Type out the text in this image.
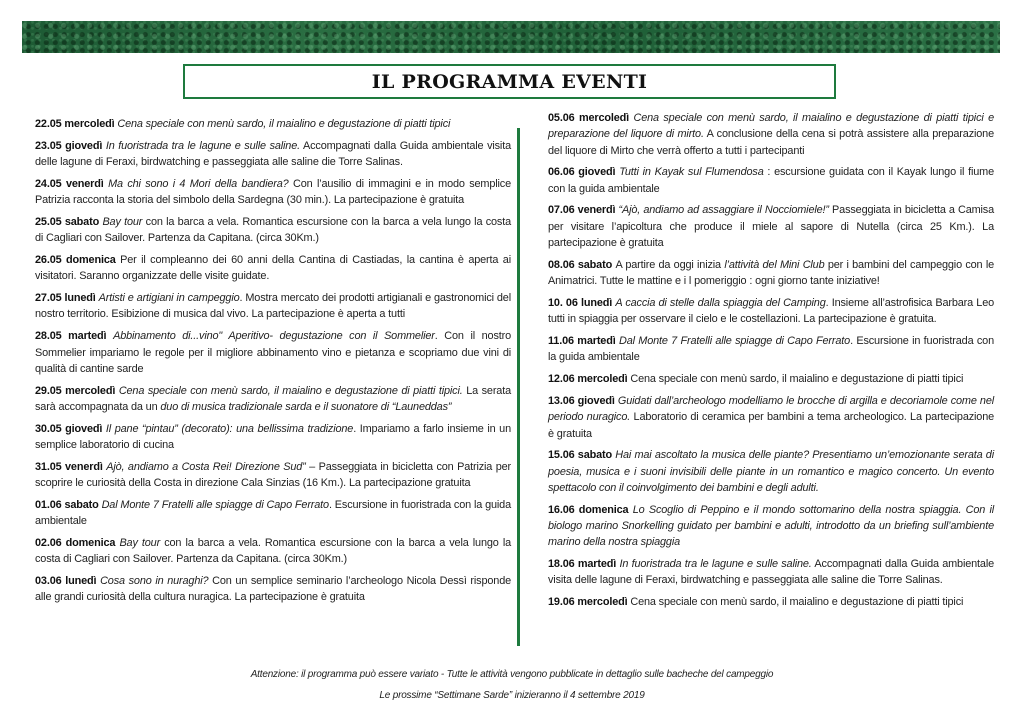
IL PROGRAMMA EVENTI

22.05 mercoledì Cena speciale con menù sardo, il maialino e degustazione di piatti tipici

23.05 giovedì In fuoristrada tra le lagune e sulle saline. Accompagnati dalla Guida ambientale visita delle lagune di Feraxi, birdwatching e passeggiata alle saline die Torre Salinas.

24.05 venerdì Ma chi sono i 4 Mori della bandiera? Con l’ausilio di immagini e in modo semplice Patrizia racconta la storia del simbolo della Sardegna (30 min.). La partecipazione è gratuita

25.05 sabato Bay tour con la barca a vela. Romantica escursione con la barca a vela lungo la costa di Cagliari con Sailover. Partenza da Capitana. (circa 30Km.)

26.05 domenica Per il compleanno dei 60 anni della Cantina di Castiadas, la cantina è aperta ai visitatori. Saranno organizzate delle visite guidate.

27.05 lunedì Artisti e artigiani in campeggio. Mostra mercato dei prodotti artigianali e gastronomici del nostro territorio. Esibizione di musica dal vivo. La partecipazione è aperta a tutti

28.05 martedì Abbinamento di...vino" Aperitivo- degustazione con il Sommelier. Con il nostro Sommelier impariamo le regole per il migliore abbinamento vino e pietanza e scopriamo due vini di qualità di cantine sarde

29.05 mercoledì Cena speciale con menù sardo, il maialino e degustazione di piatti tipici. La serata sarà accompagnata da un duo di musica tradizionale sarda e il suonatore di “Launeddas”

30.05 giovedì Il pane “pintau” (decorato): una bellissima tradizione. Impariamo a farlo insieme in un semplice laboratorio di cucina

31.05 venerdì Ajò, andiamo a Costa Rei! Direzione Sud” – Passeggiata in bicicletta con Patrizia per scoprire le curiosità della Costa in direzione Cala Sinzias (16 Km.). La partecipazione gratuita

01.06 sabato Dal Monte 7 Fratelli alle spiagge di Capo Ferrato. Escursione in fuoristrada con la guida ambientale

02.06 domenica Bay tour con la barca a vela. Romantica escursione con la barca a vela lungo la costa di Cagliari con Sailover. Partenza da Capitana. (circa 30Km.)

03.06 lunedì Cosa sono in nuraghi? Con un semplice seminario l’archeologo Nicola Dessì risponde alle grandi curiosità della cultura nuragica. La partecipazione è gratuita

05.06 mercoledì Cena speciale con menù sardo, il maialino e degustazione di piatti tipici e preparazione del liquore di mirto. A conclusione della cena si potrà assistere alla preparazione del liquore di Mirto che verrà offerto a tutti i partecipanti

06.06 giovedì Tutti in Kayak sul Flumendosa : escursione guidata con il Kayak lungo il fiume con la guida ambientale

07.06 venerdì “Ajò, andiamo ad assaggiare il Nocciomiele!” Passeggiata in bicicletta a Camisa per visitare l’apicoltura che produce il miele al sapore di Nutella (circa 25 Km.). La partecipazione è gratuita

08.06 sabato A partire da oggi inizia l’attività del Mini Club per i bambini del campeggio con le Animatrici. Tutte le mattine e i l pomeriggio : ogni giorno tante iniziative!

10. 06 lunedì A caccia di stelle dalla spiaggia del Camping. Insieme all’astrofisica Barbara Leo tutti in spiaggia per osservare il cielo e le costellazioni. La partecipazione è gratuita.

11.06 martedì Dal Monte 7 Fratelli alle spiagge di Capo Ferrato. Escursione in fuoristrada con la guida ambientale

12.06 mercoledì Cena speciale con menù sardo, il maialino e degustazione di piatti tipici

13.06 giovedì Guidati dall’archeologo modelliamo le brocche di argilla e decoriamole come nel periodo nuragico. Laboratorio di ceramica per bambini a tema archeologico. La partecipazione è gratuita

15.06 sabato Hai mai ascoltato la musica delle piante? Presentiamo un’emozionante serata di poesia, musica e i suoni invisibili delle piante in un romantico e magico concerto. Un evento spettacolo con il coinvolgimento dei bambini e degli adulti.

16.06 domenica Lo Scoglio di Peppino e il mondo sottomarino della nostra spiaggia. Con il biologo marino Snorkelling guidato per bambini e adulti, introdotto da un briefing sull’ambiente marino della nostra spiaggia

18.06 martedì In fuoristrada tra le lagune e sulle saline. Accompagnati dalla Guida ambientale visita delle lagune di Feraxi, birdwatching e passeggiata alle saline die Torre Salinas.

19.06 mercoledì Cena speciale con menù sardo, il maialino e degustazione di piatti tipici

Attenzione: il programma può essere variato - Tutte le attività vengono pubblicate in dettaglio sulle bacheche del campeggio
Le prossime “Settimane Sarde” inizieranno il 4 settembre 2019
